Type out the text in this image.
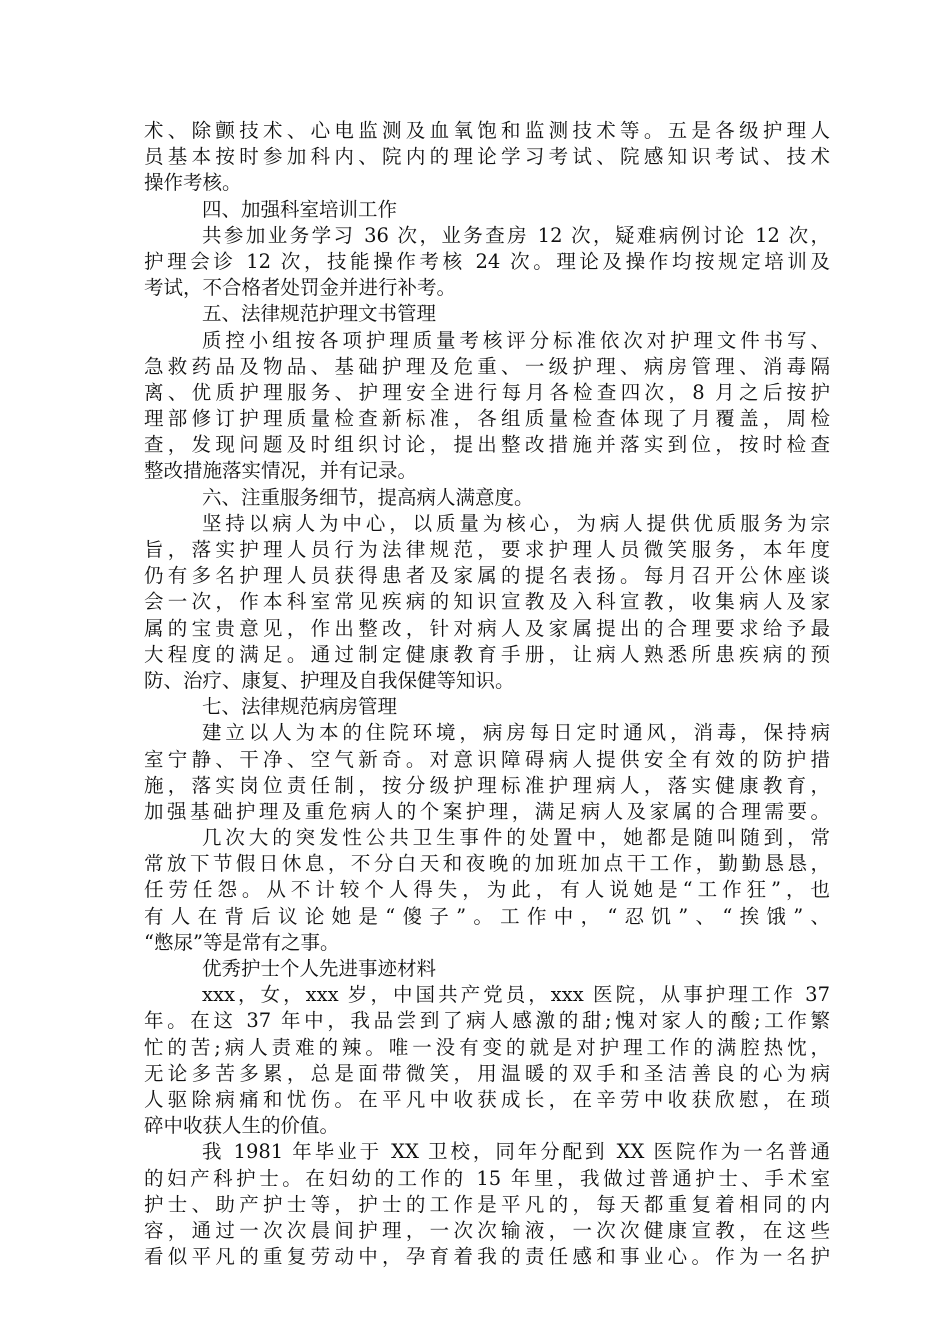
术、除颤技术、心电监测及血氧饱和监测技术等。五是各级护理人
员基本按时参加科内、院内的理论学习考试、院感知识考试、技术
操作考核。
四、加强科室培训工作
共参加业务学习 36 次，业务查房 12 次，疑难病例讨论 12 次，
护理会诊 12 次，技能操作考核 24 次。理论及操作均按规定培训及
考试，不合格者处罚金并进行补考。
五、法律规范护理文书管理
质控小组按各项护理质量考核评分标准依次对护理文件书写、
急救药品及物品、基础护理及危重、一级护理、病房管理、消毒隔
离、优质护理服务、护理安全进行每月各检查四次，8 月之后按护
理部修订护理质量检查新标准，各组质量检查体现了月覆盖，周检
查，发现问题及时组织讨论，提出整改措施并落实到位，按时检查
整改措施落实情况，并有记录。
六、注重服务细节，提高病人满意度。
坚持以病人为中心，以质量为核心，为病人提供优质服务为宗
旨，落实护理人员行为法律规范，要求护理人员微笑服务，本年度
仍有多名护理人员获得患者及家属的提名表扬。每月召开公休座谈
会一次，作本科室常见疾病的知识宣教及入科宣教，收集病人及家
属的宝贵意见，作出整改，针对病人及家属提出的合理要求给予最
大程度的满足。通过制定健康教育手册，让病人熟悉所患疾病的预
防、治疗、康复、护理及自我保健等知识。
七、法律规范病房管理
建立以人为本的住院环境，病房每日定时通风，消毒，保持病
室宁静、干净、空气新奇。对意识障碍病人提供安全有效的防护措
施，落实岗位责任制，按分级护理标准护理病人，落实健康教育，
加强基础护理及重危病人的个案护理，满足病人及家属的合理需要。
几次大的突发性公共卫生事件的处置中，她都是随叫随到，常
常放下节假日休息，不分白天和夜晚的加班加点干工作，勤勤恳恳，
任劳任怨。从不计较个人得失，为此，有人说她是“工作狂”，也
有人在背后议论她是“傻子”。工作中，“忍饥”、“挨饿”、
“憋尿”等是常有之事。
优秀护士个人先进事迹材料
xxx，女，xxx 岁，中国共产党员，xxx 医院，从事护理工作 37
年。在这 37 年中，我品尝到了病人感激的甜;愧对家人的酸;工作繁
忙的苦;病人责难的辣。唯一没有变的就是对护理工作的满腔热忱，
无论多苦多累，总是面带微笑，用温暖的双手和圣洁善良的心为病
人驱除病痛和忧伤。在平凡中收获成长，在辛劳中收获欣慰，在琐
碎中收获人生的价值。
我 1981 年毕业于 XX 卫校，同年分配到 XX 医院作为一名普通
的妇产科护士。在妇幼的工作的 15 年里，我做过普通护士、手术室
护士、助产护士等，护士的工作是平凡的，每天都重复着相同的内
容，通过一次次晨间护理，一次次输液，一次次健康宣教，在这些
看似平凡的重复劳动中，孕育着我的责任感和事业心。作为一名护
